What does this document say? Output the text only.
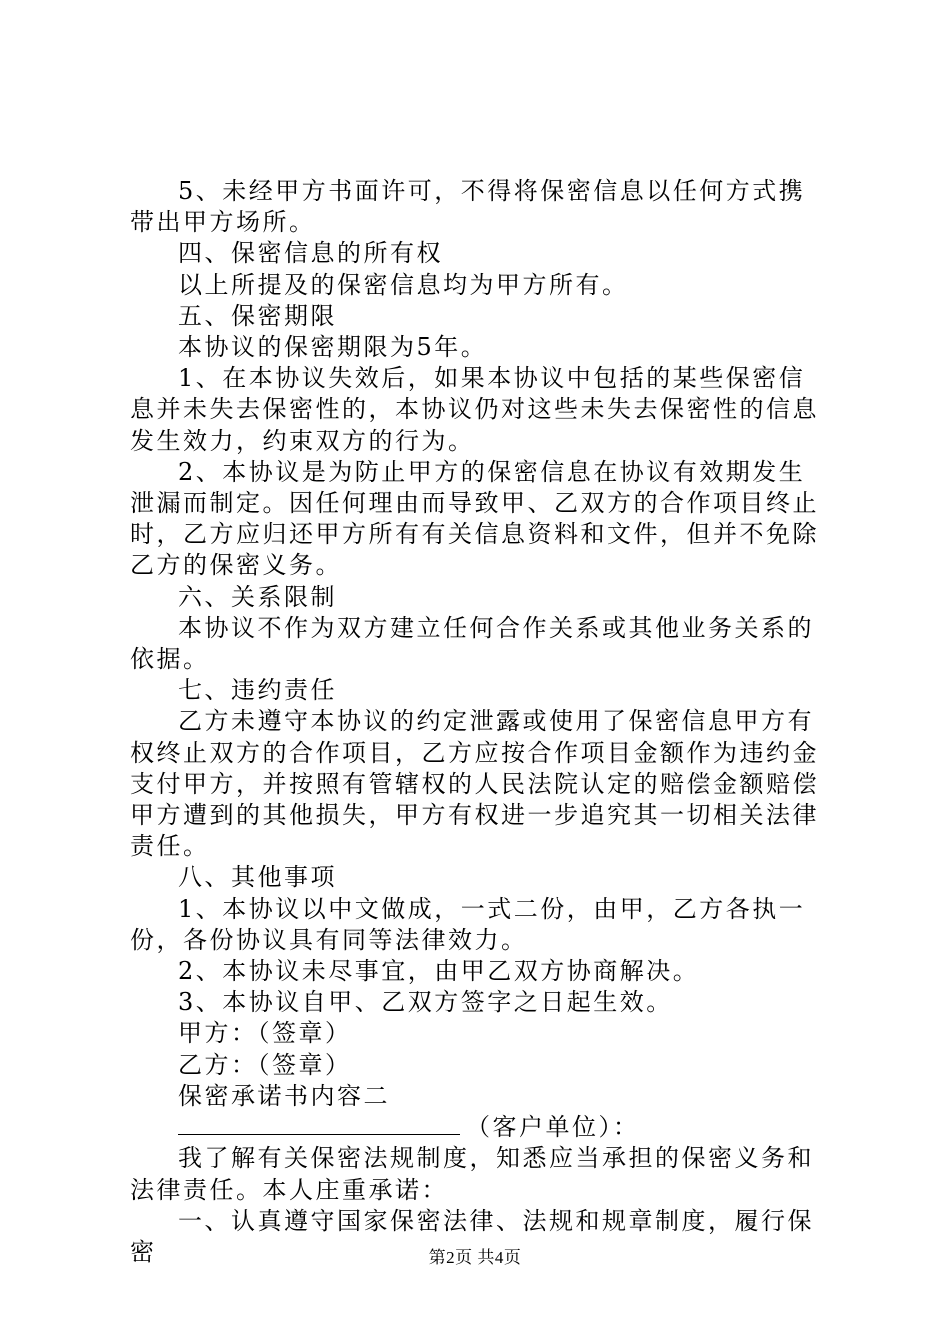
5、未经甲方书面许可，不得将保密信息以任何方式携带出甲方场所。

四、保密信息的所有权

以上所提及的保密信息均为甲方所有。

五、保密期限

本协议的保密期限为5年。

1、在本协议失效后，如果本协议中包括的某些保密信息并未失去保密性的，本协议仍对这些未失去保密性的信息发生效力，约束双方的行为。

2、本协议是为防止甲方的保密信息在协议有效期发生泄漏而制定。因任何理由而导致甲、乙双方的合作项目终止时，乙方应归还甲方所有有关信息资料和文件，但并不免除乙方的保密义务。

六、关系限制

本协议不作为双方建立任何合作关系或其他业务关系的依据。

七、违约责任

乙方未遵守本协议的约定泄露或使用了保密信息甲方有权终止双方的合作项目，乙方应按合作项目金额作为违约金支付甲方，并按照有管辖权的人民法院认定的赔偿金额赔偿甲方遭到的其他损失，甲方有权进一步追究其一切相关法律责任。

八、其他事项

1、本协议以中文做成，一式二份，由甲，乙方各执一份，各份协议具有同等法律效力。

2、本协议未尽事宜，由甲乙双方协商解决。

3、本协议自甲、乙双方签字之日起生效。

甲方：（签章）

乙方：（签章）

保密承诺书内容二

（客户单位）：

我了解有关保密法规制度，知悉应当承担的保密义务和法律责任。本人庄重承诺：

一、认真遵守国家保密法律、法规和规章制度，履行保密	第2页 共4页
